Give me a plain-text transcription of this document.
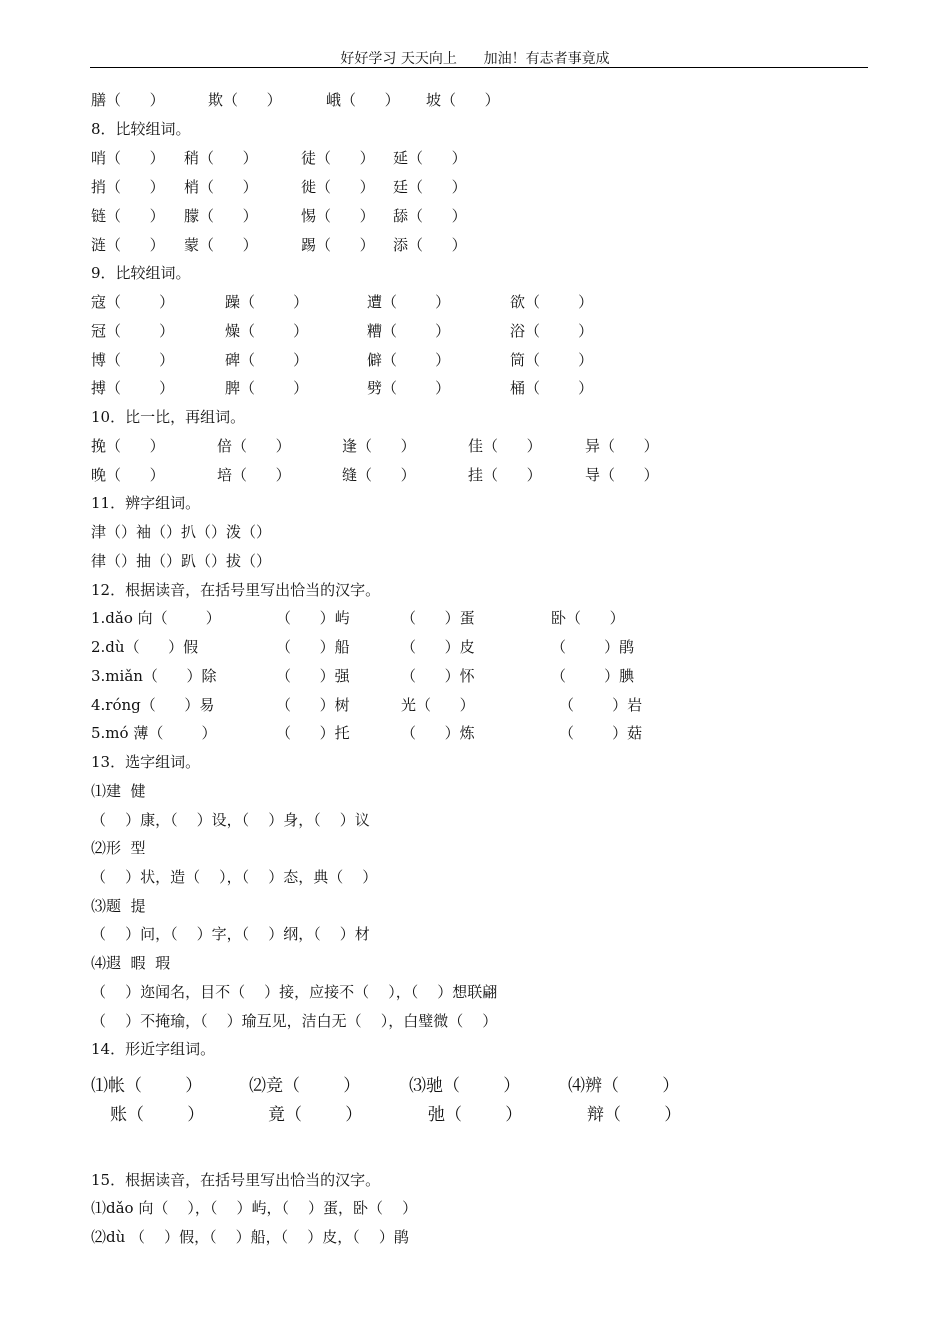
好好学习 天天向上      加油！有志者事竟成
膳（      ）	欺（      ）	峨（      ） 坡（      ）
8．比较组词。
哨（      ） 稍（      ）	徒（      ） 延（      ）
捎（      ） 梢（      ）	徙（      ） 廷（      ）
链（      ） 朦（      ）	惕（      ） 舔（      ）
涟（      ） 蒙（      ）	踢（      ） 添（      ）
9．比较组词。
寇（        ）	躁（        ）	遭（        ）	欲（        ）
冠（        ）	燥（        ）	糟（        ）	浴（        ）
博（        ）	碑（        ）	僻（        ）	筒（        ）
搏（        ）	脾（        ）	劈（        ）	桶（        ）
10．比一比，再组词。
挽（      ）	倍（      ）	逢（      ）	佳（      ）	异（      ）
晚（      ）	培（      ）	缝（      ）	挂（      ）	导（      ）
11．辨字组词。
津（）袖（）扒（）泼（）
律（）抽（）趴（）拔（）
12．根据读音，在括号里写出恰当的汉字。
1.dǎo 向（        ）	（      ）屿	（      ）蛋	卧（      ）
2.dù（      ）假	（      ）船	（      ）皮	（        ）鹃
3.miǎn（      ）除	（      ）强	（      ）怀	（        ）腆
4.róng（      ）易	（      ）树	光（      ）	（        ）岩
5.mó 薄（        ）	（      ）托	（      ）炼	（        ）菇
13．选字组词。
⑴建  健
（    ）康，（    ）设，（    ）身，（    ）议
⑵形  型
（    ）状，造（    ），（    ）态，典（    ）
⑶题  提
（    ）问，（    ）字，（    ）纲，（    ）材
⑷遐  暇  瑕
（    ）迩闻名，目不（    ）接，应接不（    ），（    ）想联翩
（    ）不掩瑜，（    ）瑜互见，洁白无（    ），白璧微（    ）
14．形近字组词。
⑴帐（        ）	⑵竞（        ）	⑶驰（        ）	⑷辨（        ）
账（        ）	竟（        ）	弛（        ）	辩（        ）
15．根据读音，在括号里写出恰当的汉字。
⑴dǎo 向（    ），（    ）屿，（    ）蛋，卧（    ）
⑵dù （    ）假，（    ）船，（    ）皮，（    ）鹃
